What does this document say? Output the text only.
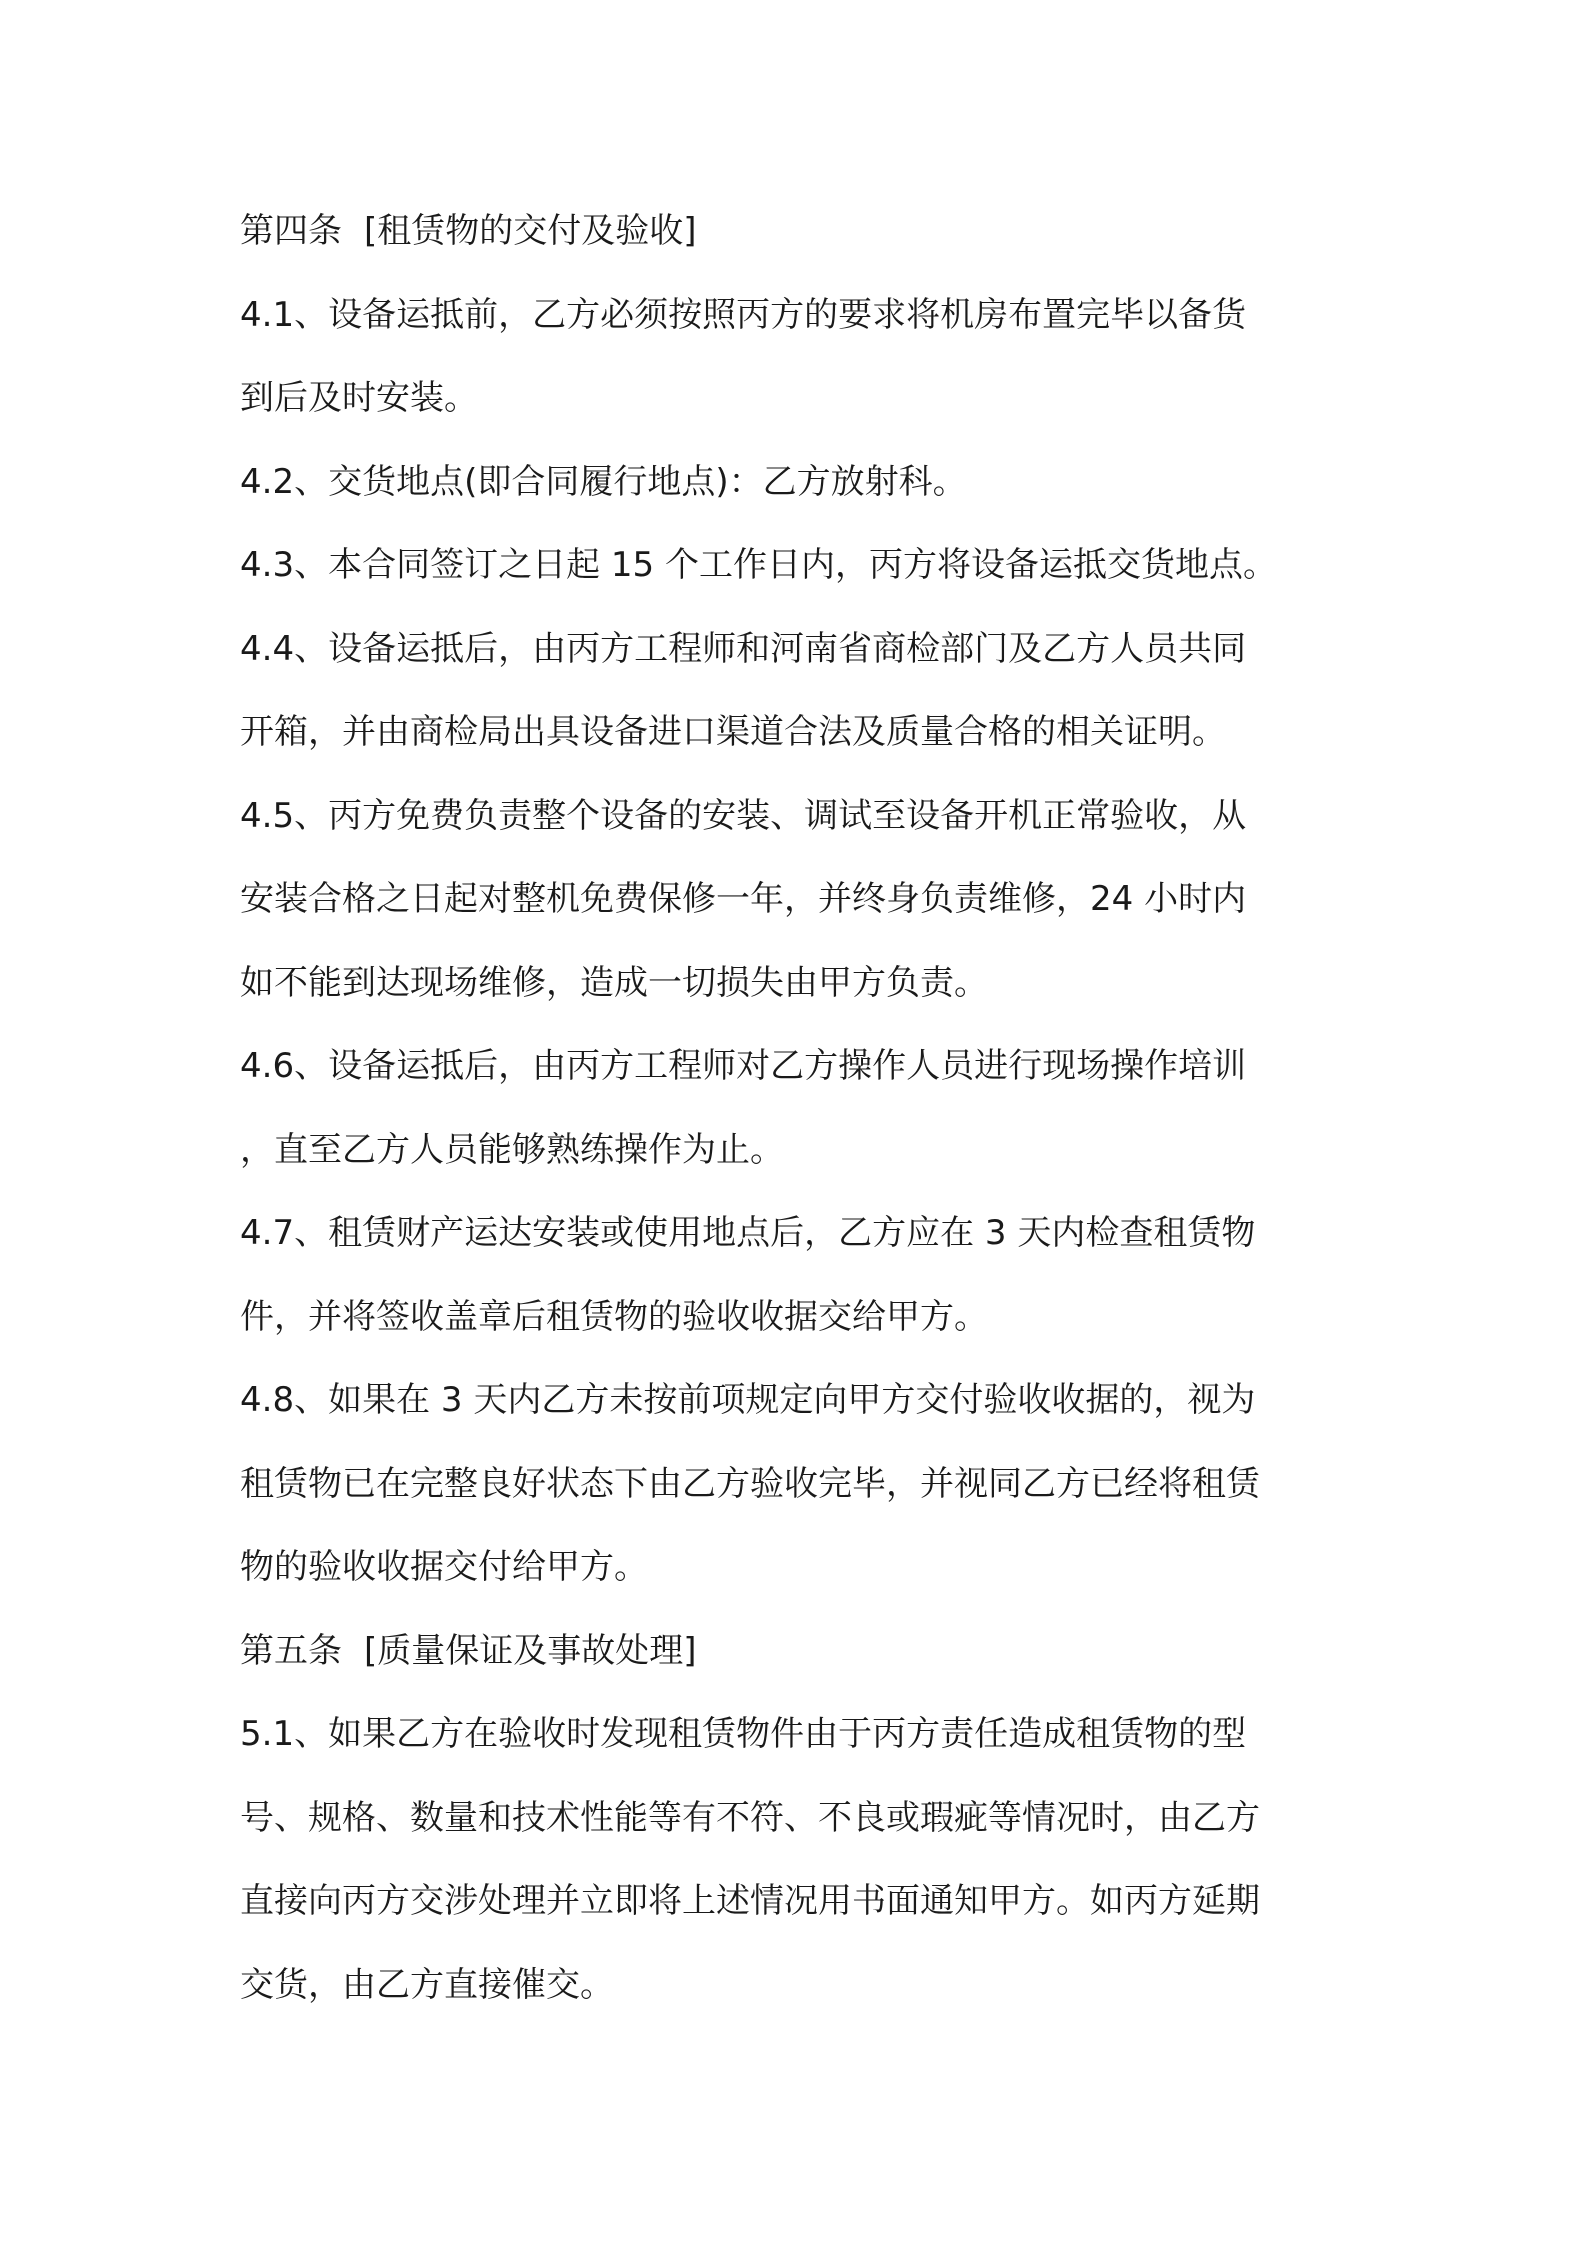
第四条 [租赁物的交付及验收]
4.1、设备运抵前，乙方必须按照丙方的要求将机房布置完毕以备货
到后及时安装。
4.2、交货地点(即合同履行地点)：乙方放射科。
4.3、本合同签订之日起 15 个工作日内，丙方将设备运抵交货地点。
4.4、设备运抵后，由丙方工程师和河南省商检部门及乙方人员共同
开箱，并由商检局出具设备进口渠道合法及质量合格的相关证明。
4.5、丙方免费负责整个设备的安装、调试至设备开机正常验收，从
安装合格之日起对整机免费保修一年，并终身负责维修，24 小时内
如不能到达现场维修，造成一切损失由甲方负责。
4.6、设备运抵后，由丙方工程师对乙方操作人员进行现场操作培训
，直至乙方人员能够熟练操作为止。
4.7、租赁财产运达安装或使用地点后，乙方应在 3 天内检查租赁物
件，并将签收盖章后租赁物的验收收据交给甲方。
4.8、如果在 3 天内乙方未按前项规定向甲方交付验收收据的，视为
租赁物已在完整良好状态下由乙方验收完毕，并视同乙方已经将租赁
物的验收收据交付给甲方。
第五条 [质量保证及事故处理]
5.1、如果乙方在验收时发现租赁物件由于丙方责任造成租赁物的型
号、规格、数量和技术性能等有不符、不良或瑕疵等情况时，由乙方
直接向丙方交涉处理并立即将上述情况用书面通知甲方。如丙方延期
交货，由乙方直接催交。
